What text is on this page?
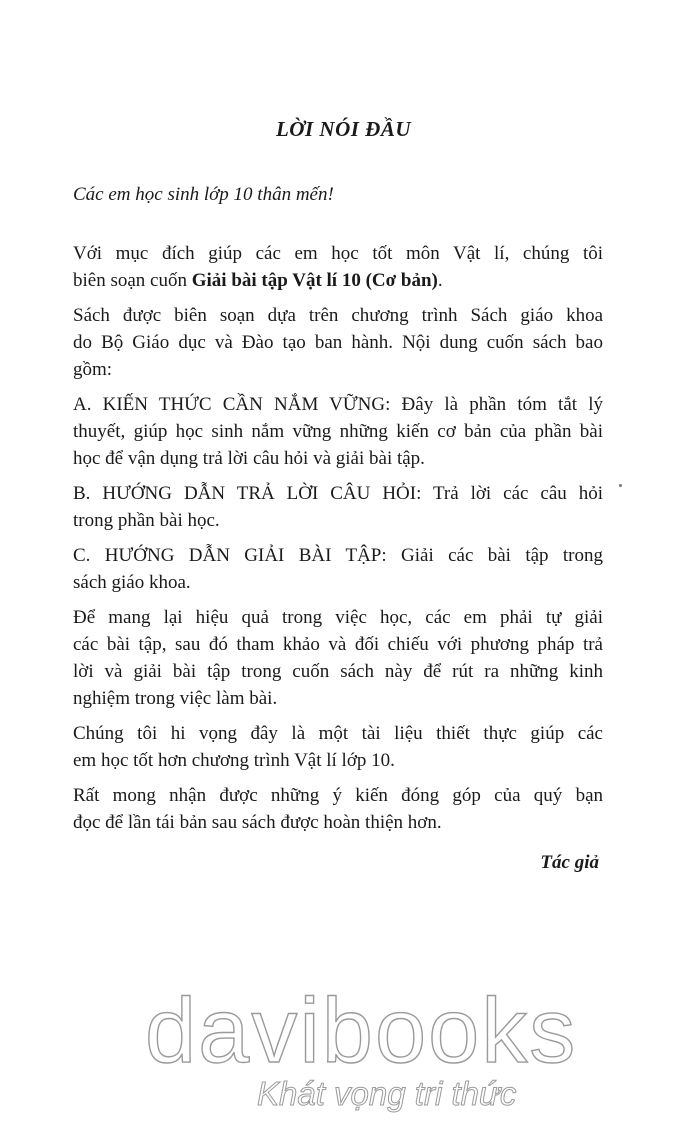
LỜI NÓI ĐẦU
Các em học sinh lớp 10 thân mến!

Với mục đích giúp các em học tốt môn Vật lí, chúng tôi
biên soạn cuốn Giải bài tập Vật lí 10 (Cơ bản).

Sách được biên soạn dựa trên chương trình Sách giáo khoa
do Bộ Giáo dục và Đào tạo ban hành. Nội dung cuốn sách bao
gồm:

A. KIẾN THỨC CẦN NẮM VỮNG: Đây là phần tóm tắt lý
thuyết, giúp học sinh nắm vững những kiến cơ bản của phần bài
học để vận dụng trả lời câu hỏi và giải bài tập.

B. HƯỚNG DẪN TRẢ LỜI CÂU HỎI: Trả lời các câu hỏi
trong phần bài học.

C. HƯỚNG DẪN GIẢI BÀI TẬP: Giải các bài tập trong
sách giáo khoa.

Để mang lại hiệu quả trong việc học, các em phải tự giải
các bài tập, sau đó tham khảo và đối chiếu với phương pháp trả
lời và giải bài tập trong cuốn sách này để rút ra những kinh
nghiệm trong việc làm bài.

Chúng tôi hi vọng đây là một tài liệu thiết thực giúp các
em học tốt hơn chương trình Vật lí lớp 10.

Rất mong nhận được những ý kiến đóng góp của quý bạn
đọc để lần tái bản sau sách được hoàn thiện hơn.

Tác giả
davibooks
Khát vọng tri thức
